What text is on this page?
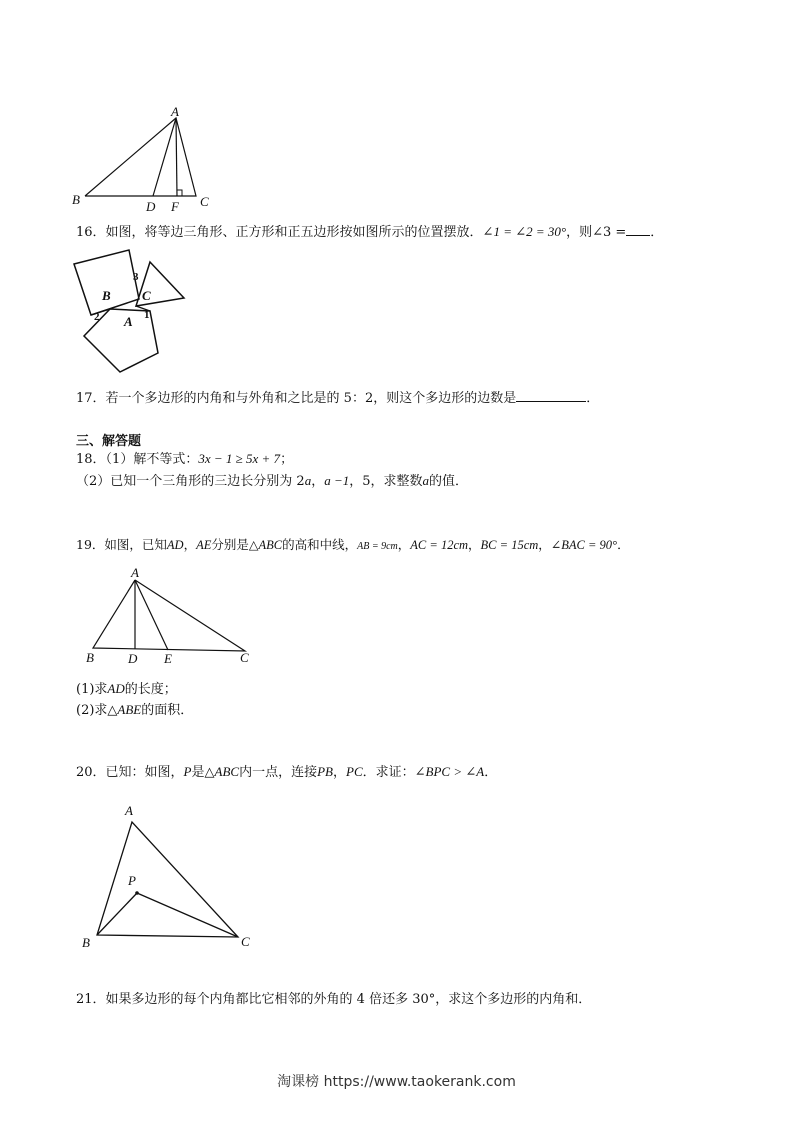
A
B	D F C
16．如图，将等边三角形、正方形和正五边形按如图所示的位置摆放．∠1 = ∠2 = 30°，则∠3 = ．
B C
A
3
2	1
17．若一个多边形的内角和与外角和之比是的 5：2，则这个多边形的边数是	．
三、解答题
18．（1）解不等式：3x − 1 ≥ 5x + 7；
（2）已知一个三角形的三边长分别为 2a，a −1，5，求整数a的值．
19．如图，已知AD，AE分别是△ABC的高和中线，AB = 9cm，AC = 12cm，BC = 15cm，∠BAC = 90°．
A
B	D E	C
(1)求AD的长度；
(2)求△ABE的面积．
20．已知：如图，P是△ABC内一点，连接PB，PC．求证：∠BPC > ∠A．
A
P
B	C
21．如果多边形的每个内角都比它相邻的外角的 4 倍还多 30°，求这个多边形的内角和．
淘课榜 https://www.taokerank.com
